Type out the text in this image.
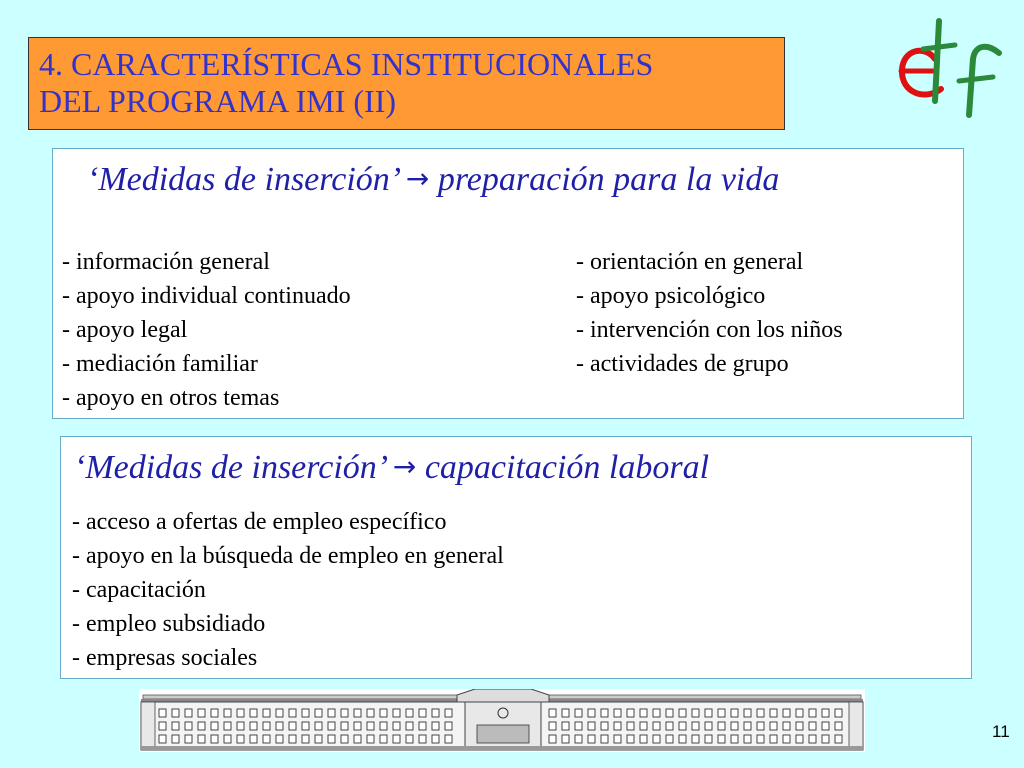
4. CARACTERÍSTICAS INSTITUCIONALES
DEL PROGRAMA IMI (II)
‘Medidas de inserción’ → preparación para la vida
- información general
- apoyo individual continuado
- apoyo legal
- mediación familiar
- apoyo en otros temas
- orientación en general
- apoyo psicológico
- intervención con los niños
- actividades de grupo
‘Medidas de inserción’ → capacitación laboral
- acceso a ofertas de empleo específico
- apoyo en la búsqueda de empleo en general
- capacitación
- empleo subsidiado
- empresas sociales
11
